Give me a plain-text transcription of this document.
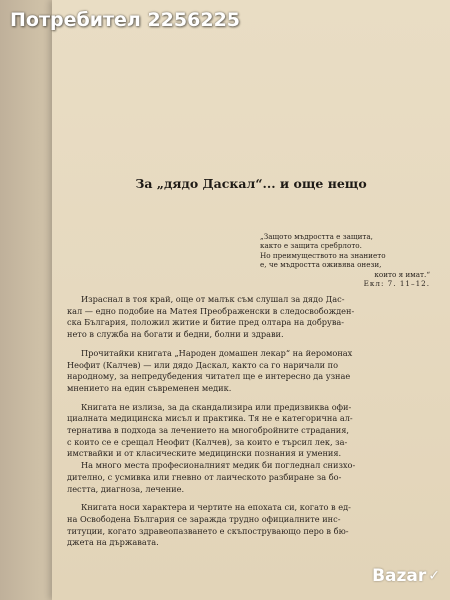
Потребител 2256225
За „дядо Даскал“... и още нещо
„Защото мъдростта е защита,
както е защита сребрлото.
Но преимуществото на знанието
е, че мъдростта оживява онези,
които я имат.“
Екл: 7. 11–12.
Израснал в тоя край, още от малък съм слушал за дядо Дас-
кал — едно подобие на Матея Преображенски в следосвобожден-
ска България, положил житие и битие пред олтара на добрува-
нето в служба на богати и бедни, болни и здрави.
Прочитайки книгата „Народен домашен лекар“ на йеромонах
Неофит (Калчев) — или дядо Даскал, както са го наричали по
народному, за непредубедения читател ще е интересно да узнае
мнението на един съвременен медик.
Книгата не излиза, за да скандализира или предизвиква офи-
циалната медицинска мисъл и практика. Тя не е категорична ал-
тернатива в подхода за лечението на многобройните страдания,
с които се е срещал Неофит (Калчев), за които е търсил лек, за-
имствайки и от класическите медицински познания и умения.
На много места професионалният медик би погледнал снизхо-
дително, с усмивка или гневно от лаическото разбиране за бо-
лестта, диагноза, лечение.
Книгата носи характера и чертите на епохата си, когато в ед-
на Освободена България се заражда трудно официалните инс-
титуции, когато здравеопазването е скъпострувающо перо в бю-
джета на държавата.
Bazar ✓
